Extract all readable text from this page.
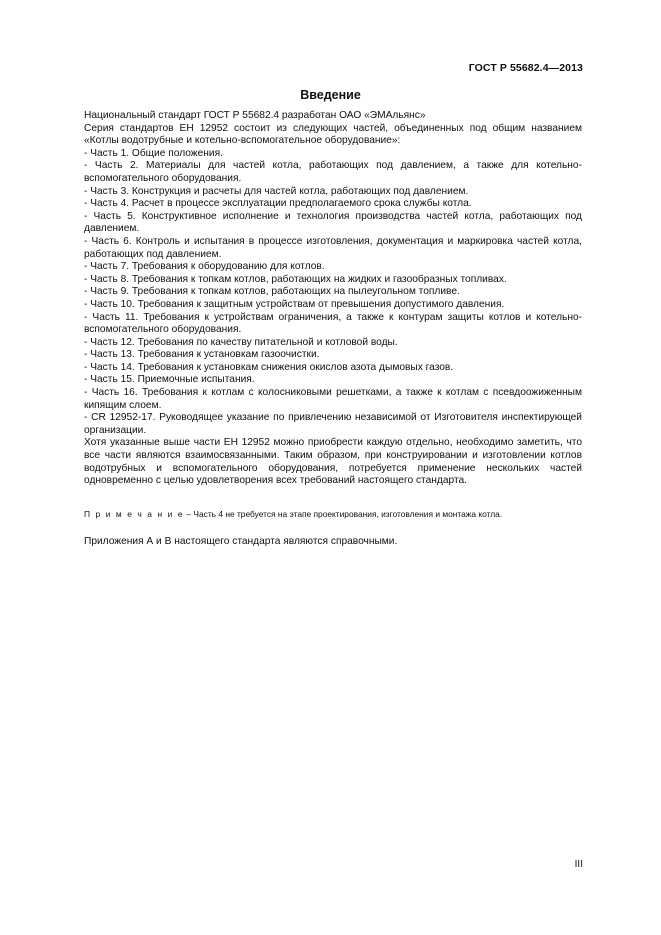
ГОСТ Р 55682.4—2013
Введение

Национальный стандарт ГОСТ Р 55682.4 разработан ОАО «ЭМАльянс»

Серия стандартов ЕН 12952 состоит из следующих частей, объединенных под общим названием «Котлы водотрубные и котельно-вспомогательное оборудование»:

- Часть 1. Общие положения.

- Часть 2. Материалы для частей котла, работающих под давлением, а также для котельно-вспомогательного оборудования.

- Часть 3. Конструкция и расчеты для частей котла, работающих под давлением.

- Часть 4. Расчет в процессе эксплуатации предполагаемого срока службы котла.

- Часть 5. Конструктивное исполнение и технология производства частей котла, работающих под давлением.

- Часть 6. Контроль и испытания в процессе изготовления, документация и маркировка частей котла, работающих под давлением.

- Часть 7. Требования к оборудованию для котлов.

- Часть 8. Требования к топкам котлов, работающих на жидких и газообразных топливах.

- Часть 9. Требования к топкам котлов, работающих на пылеугольном топливе.

- Часть 10. Требования к защитным устройствам от превышения допустимого давления.

- Часть 11. Требования к устройствам ограничения, а также к контурам защиты котлов и котельно-вспомогательного оборудования.

- Часть 12. Требования по качеству питательной и котловой воды.

- Часть 13. Требования к установкам газоочистки.

- Часть 14. Требования к установкам снижения окислов азота дымовых газов.

- Часть 15. Приемочные испытания.

- Часть 16. Требования к котлам с колосниковыми решетками, а также к котлам с псевдоожиженным кипящим слоем.

- CR 12952-17. Руководящее указание по привлечению независимой от Изготовителя инспектирующей организации.

Хотя указанные выше части ЕН 12952 можно приобрести каждую отдельно, необходимо заметить, что все части являются взаимосвязанными. Таким образом, при конструировании и изготовлении котлов водотрубных и вспомогательного оборудования, потребуется применение нескольких частей одновременно с целью удовлетворения всех требований настоящего стандарта.

П р и м е ч а н и е – Часть 4 не требуется на этапе проектирования, изготовления и монтажа котла.
Приложения А и В настоящего стандарта являются справочными.
III
